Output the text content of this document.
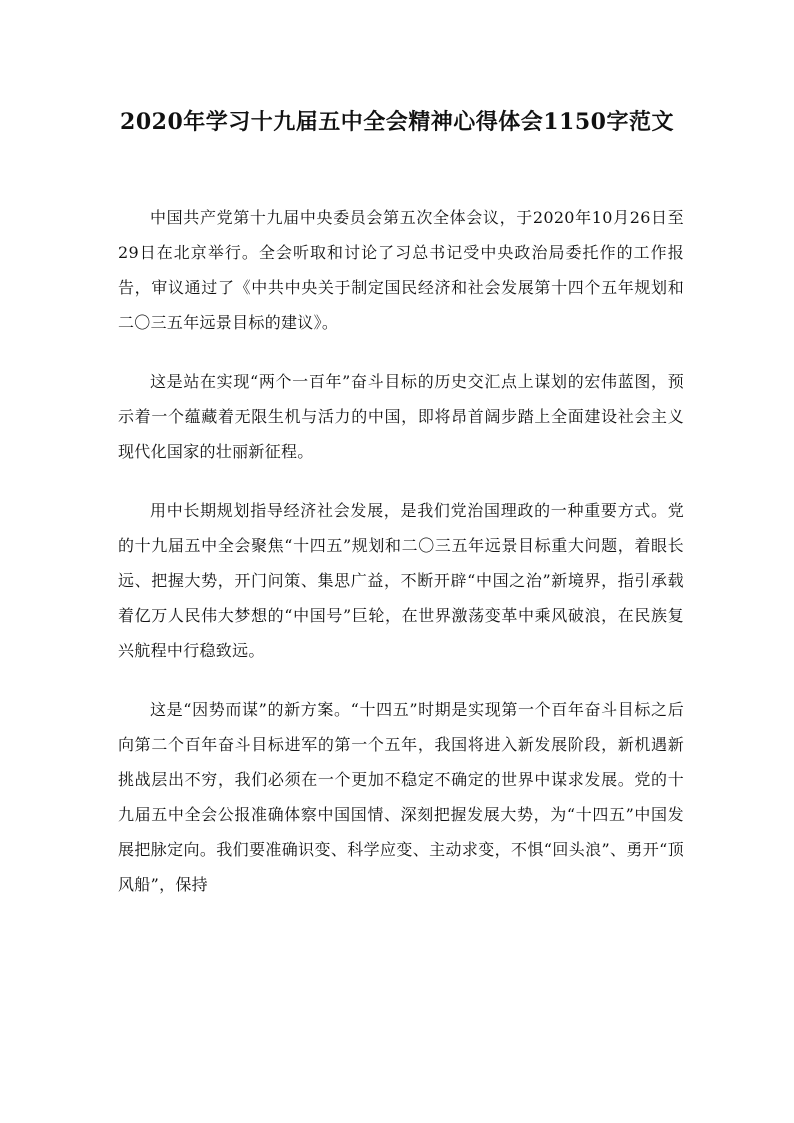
2020年学习十九届五中全会精神心得体会1150字范文

中国共产党第十九届中央委员会第五次全体会议，于2020年10月26日至29日在北京举行。全会听取和讨论了习总书记受中央政治局委托作的工作报告，审议通过了《中共中央关于制定国民经济和社会发展第十四个五年规划和二〇三五年远景目标的建议》。

这是站在实现“两个一百年”奋斗目标的历史交汇点上谋划的宏伟蓝图，预示着一个蕴藏着无限生机与活力的中国，即将昂首阔步踏上全面建设社会主义现代化国家的壮丽新征程。

用中长期规划指导经济社会发展，是我们党治国理政的一种重要方式。党的十九届五中全会聚焦“十四五”规划和二〇三五年远景目标重大问题，着眼长远、把握大势，开门问策、集思广益，不断开辟“中国之治”新境界，指引承载着亿万人民伟大梦想的“中国号”巨轮，在世界激荡变革中乘风破浪，在民族复兴航程中行稳致远。

这是“因势而谋”的新方案。“十四五”时期是实现第一个百年奋斗目标之后向第二个百年奋斗目标进军的第一个五年，我国将进入新发展阶段，新机遇新挑战层出不穷，我们必须在一个更加不稳定不确定的世界中谋求发展。党的十九届五中全会公报准确体察中国国情、深刻把握发展大势，为“十四五”中国发展把脉定向。我们要准确识变、科学应变、主动求变，不惧“回头浪”、勇开“顶风船”，保持
